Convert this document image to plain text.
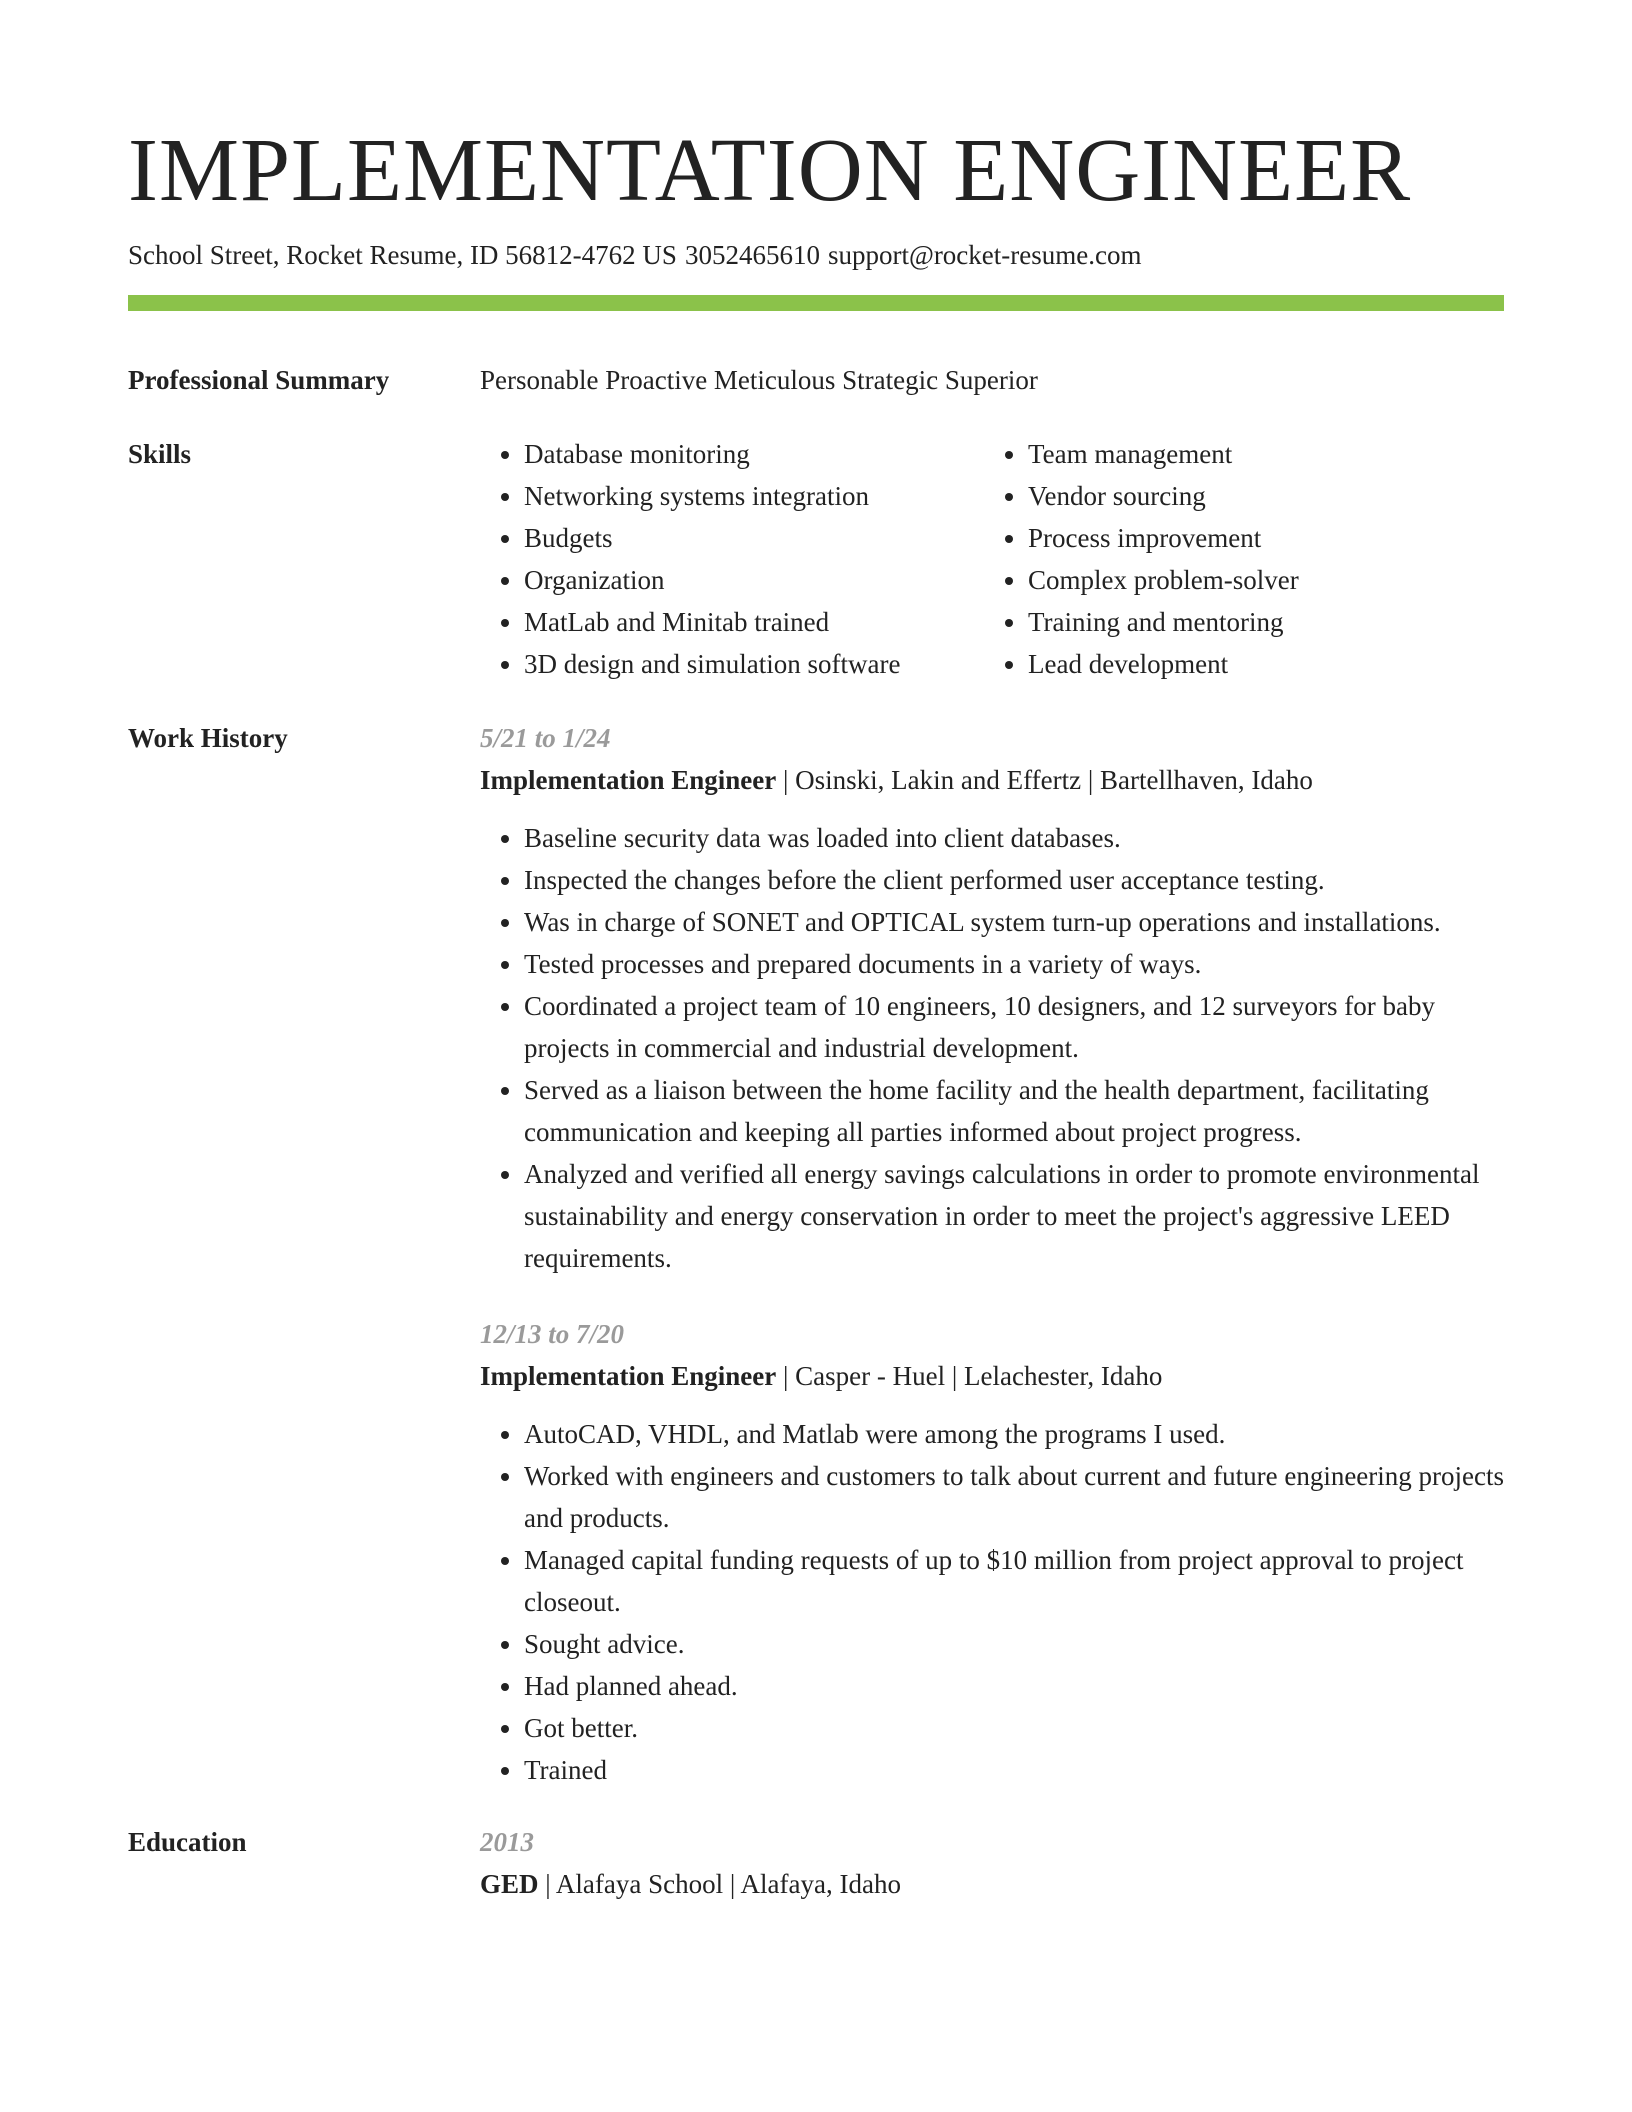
IMPLEMENTATION ENGINEER
School Street, Rocket Resume, ID 56812-4762 US 3052465610 support@rocket-resume.com
Professional Summary	Personable Proactive Meticulous Strategic Superior
Skills
•	Database monitoring
• Networking systems integration
• Budgets
• Organization
• MatLab and Minitab trained
• 3D design and simulation software
• Team management
• Vendor sourcing
• Process improvement
• Complex problem-solver
• Training and mentoring
• Lead development
Work History	5/21 to 1/24
Implementation Engineer | Osinski, Lakin and Effertz | Bartellhaven, Idaho
• Baseline security data was loaded into client databases.
• Inspected the changes before the client performed user acceptance testing.
• Was in charge of SONET and OPTICAL system turn-up operations and installations.
• Tested processes and prepared documents in a variety of ways.
• Coordinated a project team of 10 engineers, 10 designers, and 12 surveyors for baby projects in commercial and industrial development.
• Served as a liaison between the home facility and the health department, facilitating communication and keeping all parties informed about project progress.
• Analyzed and verified all energy savings calculations in order to promote environmental sustainability and energy conservation in order to meet the project's aggressive LEED requirements.
12/13 to 7/20
Implementation Engineer | Casper - Huel | Lelachester, Idaho
• AutoCAD, VHDL, and Matlab were among the programs I used.
• Worked with engineers and customers to talk about current and future engineering projects and products.
• Managed capital funding requests of up to $10 million from project approval to project closeout.
• Sought advice.
• Had planned ahead.
• Got better.
• Trained
Education	2013
GED | Alafaya School | Alafaya, Idaho
